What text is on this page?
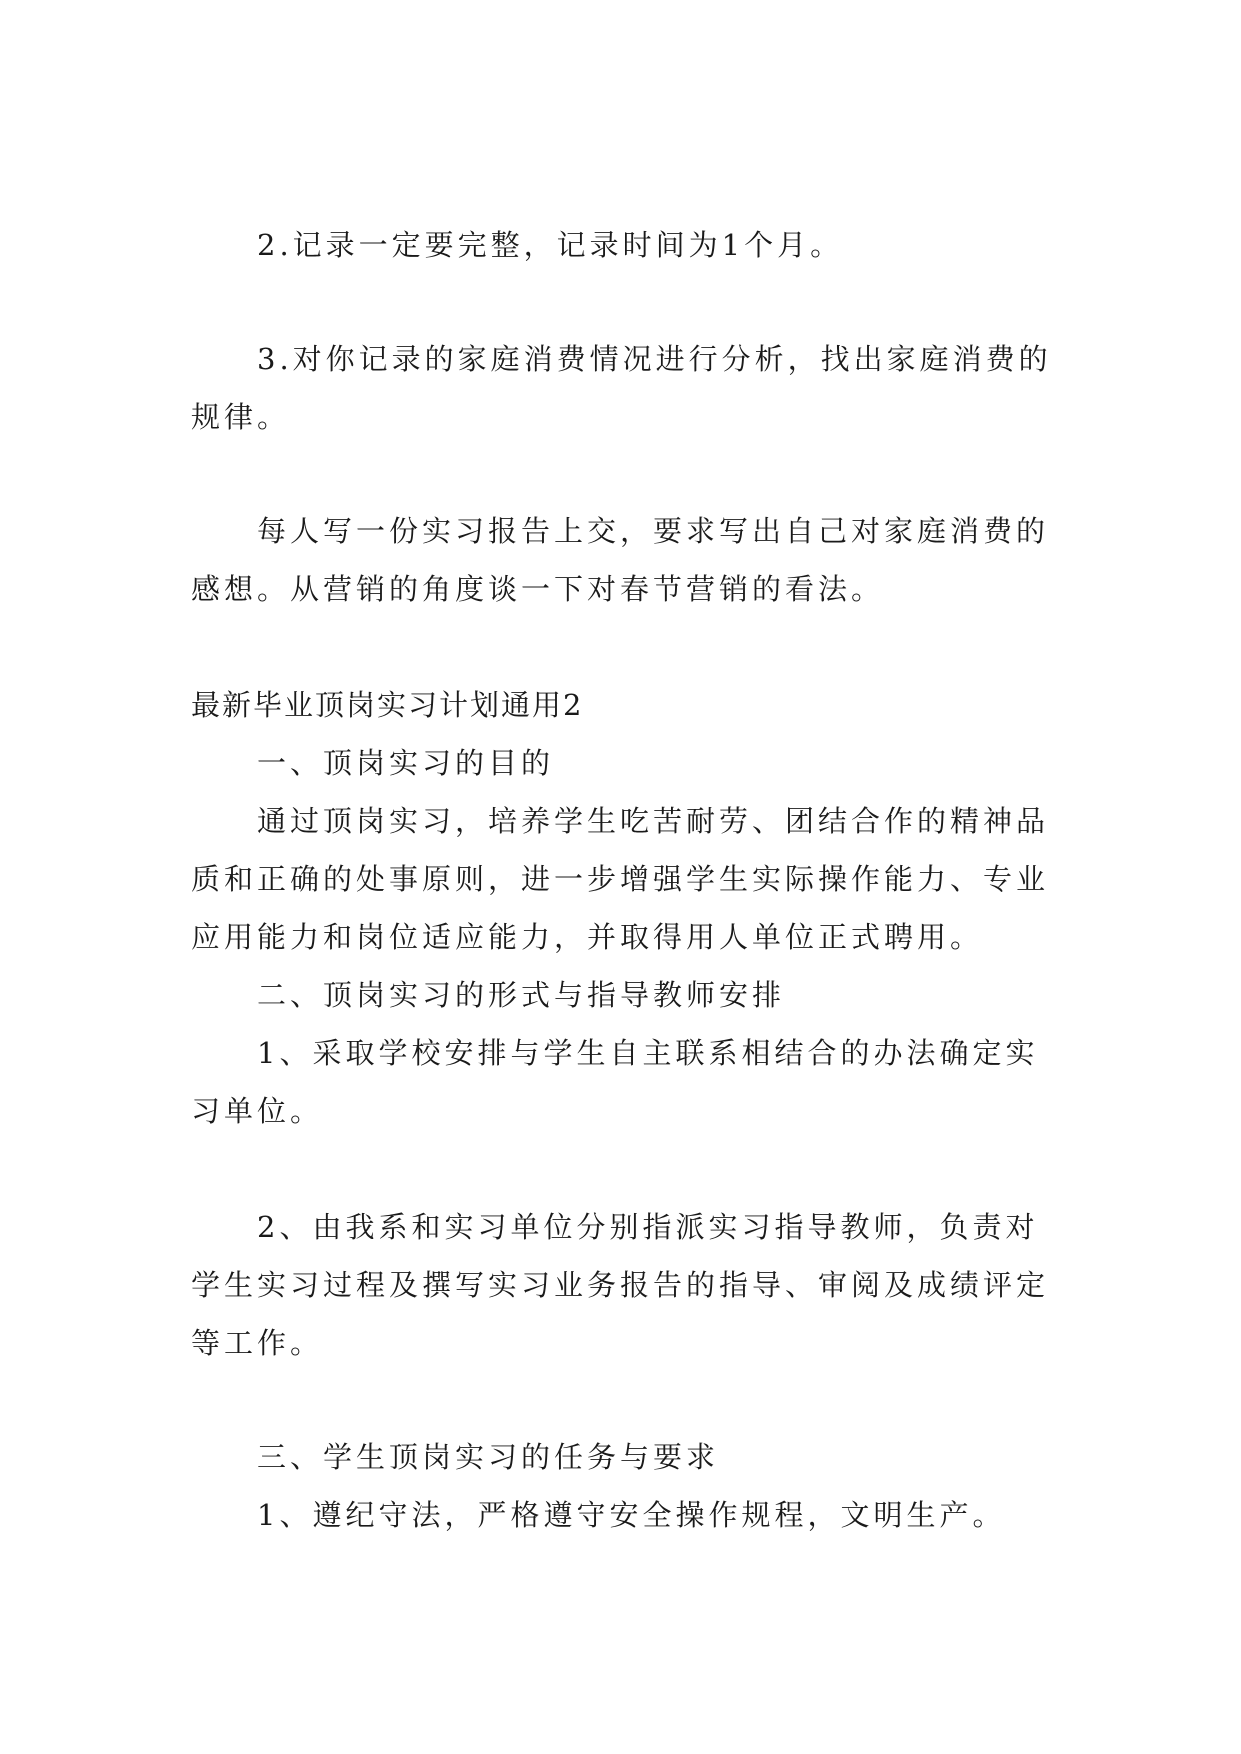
2.记录一定要完整，记录时间为1个月。

3.对你记录的家庭消费情况进行分析，找出家庭消费的规律。

每人写一份实习报告上交，要求写出自己对家庭消费的感想。从营销的角度谈一下对春节营销的看法。

最新毕业顶岗实习计划通用2

一、顶岗实习的目的

通过顶岗实习，培养学生吃苦耐劳、团结合作的精神品质和正确的处事原则，进一步增强学生实际操作能力、专业应用能力和岗位适应能力，并取得用人单位正式聘用。

二、顶岗实习的形式与指导教师安排

1、采取学校安排与学生自主联系相结合的办法确定实习单位。

2、由我系和实习单位分别指派实习指导教师，负责对学生实习过程及撰写实习业务报告的指导、审阅及成绩评定等工作。

三、学生顶岗实习的任务与要求

1、遵纪守法，严格遵守安全操作规程，文明生产。
